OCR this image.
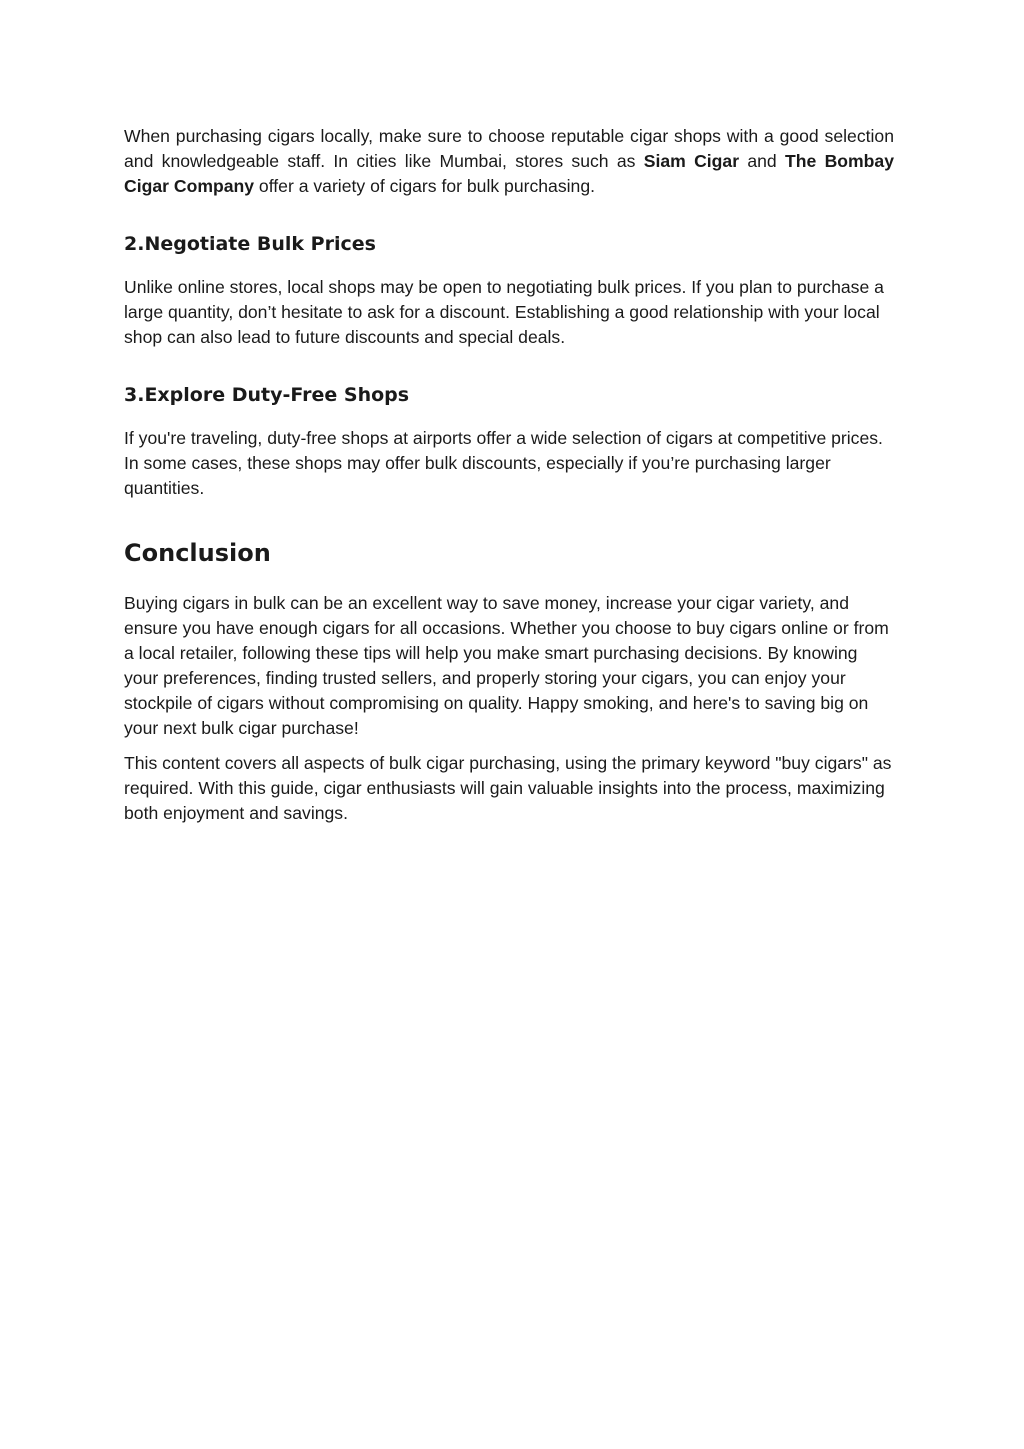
When purchasing cigars locally, make sure to choose reputable cigar shops with a good selection and knowledgeable staff. In cities like Mumbai, stores such as Siam Cigar and The Bombay Cigar Company offer a variety of cigars for bulk purchasing.

2.Negotiate Bulk Prices

Unlike online stores, local shops may be open to negotiating bulk prices. If you plan to purchase a large quantity, don’t hesitate to ask for a discount. Establishing a good relationship with your local shop can also lead to future discounts and special deals.

3.Explore Duty-Free Shops

If you're traveling, duty-free shops at airports offer a wide selection of cigars at competitive prices. In some cases, these shops may offer bulk discounts, especially if you’re purchasing larger quantities.

Conclusion

Buying cigars in bulk can be an excellent way to save money, increase your cigar variety, and ensure you have enough cigars for all occasions. Whether you choose to buy cigars online or from a local retailer, following these tips will help you make smart purchasing decisions. By knowing your preferences, finding trusted sellers, and properly storing your cigars, you can enjoy your stockpile of cigars without compromising on quality. Happy smoking, and here's to saving big on your next bulk cigar purchase!

This content covers all aspects of bulk cigar purchasing, using the primary keyword "buy cigars" as required. With this guide, cigar enthusiasts will gain valuable insights into the process, maximizing both enjoyment and savings.
